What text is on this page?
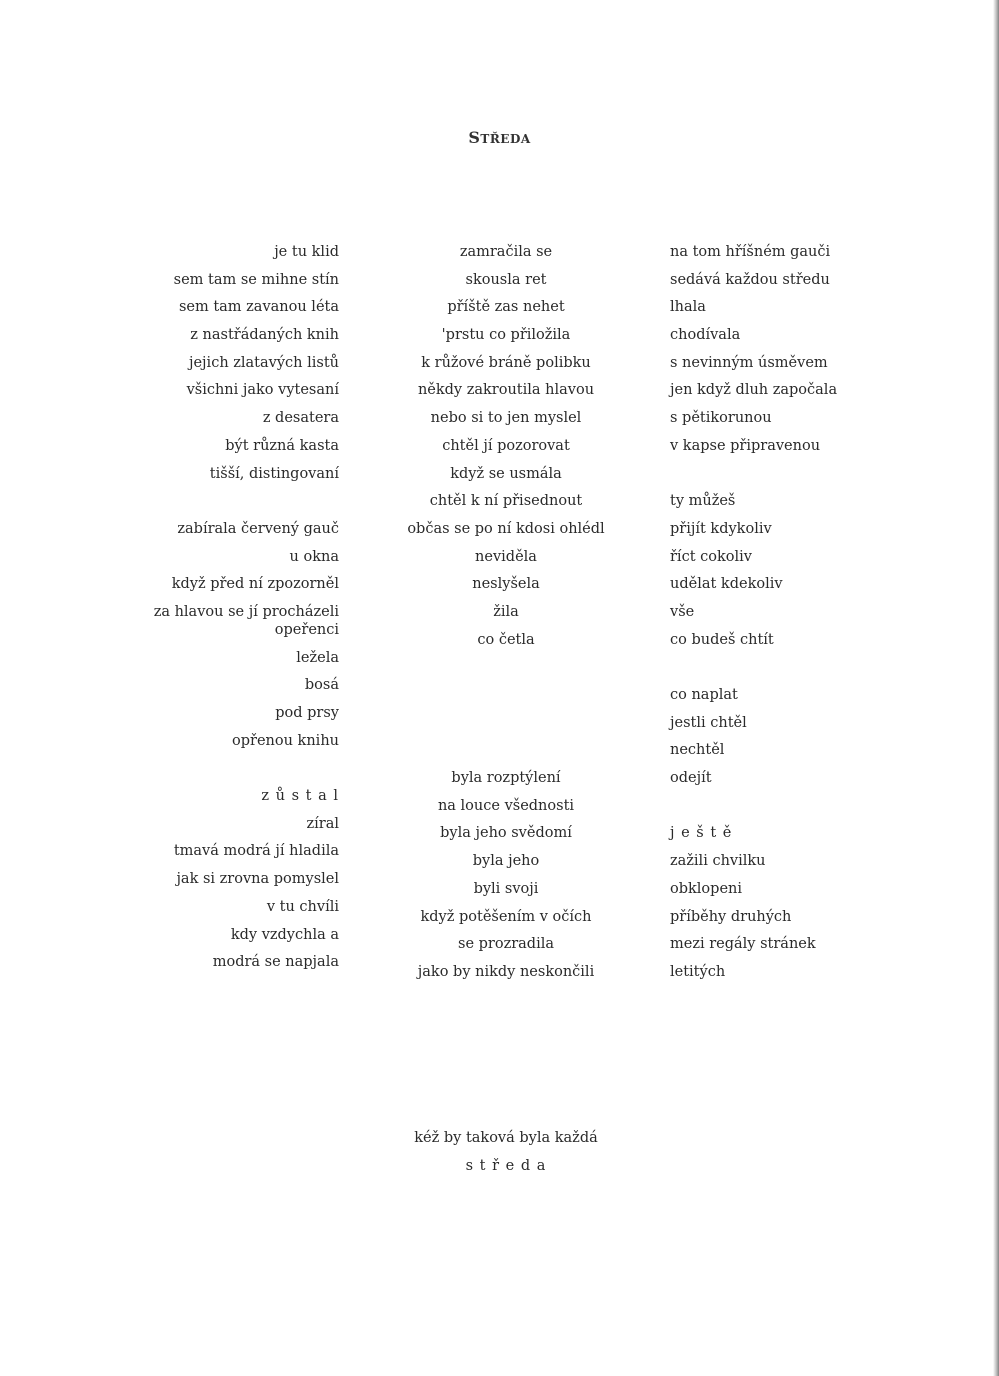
STŘEDA
je tu klid
sem tam se mihne stín
sem tam zavanou léta
z nastřádaných knih
jejich zlatavých listů
všichni jako vytesaní
z desatera
být různá kasta
tišší, distingovaní
zabírala červený gauč
u okna
když před ní zpozorněl
za hlavou se jí procházeli
opeřenci
ležela
bosá
pod prsy
opřenou knihu
z ů s t a l
zíral
tmavá modrá jí hladila
jak si zrovna pomyslel
v tu chvíli
kdy vzdychla a
modrá se napjala
zamračila se
skousla ret
příště zas nehet
'prstu co přiložila
k růžové bráně polibku
někdy zakroutila hlavou
nebo si to jen myslel
chtěl jí pozorovat
když se usmála
chtěl k ní přisednout
občas se po ní kdosi ohlédl
neviděla
neslyšela
žila
co četla
byla rozptýlení
na louce všednosti
byla jeho svědomí
byla jeho
byli svoji
když potěšením v očích
se prozradila
jako by nikdy neskončili
na tom hříšném gauči
sedává každou středu
lhala
chodívala
s nevinným úsměvem
jen když dluh započala
s pětikorunou
v kapse připravenou
ty můžeš
přijít kdykoliv
říct cokoliv
udělat kdekoliv
vše
co budeš chtít
co naplat
jestli chtěl
nechtěl
odejít
j e š t ě
zažili chvilku
obklopeni
příběhy druhých
mezi regály stránek
letitých
kéž by taková byla každá
s t ř e d a
